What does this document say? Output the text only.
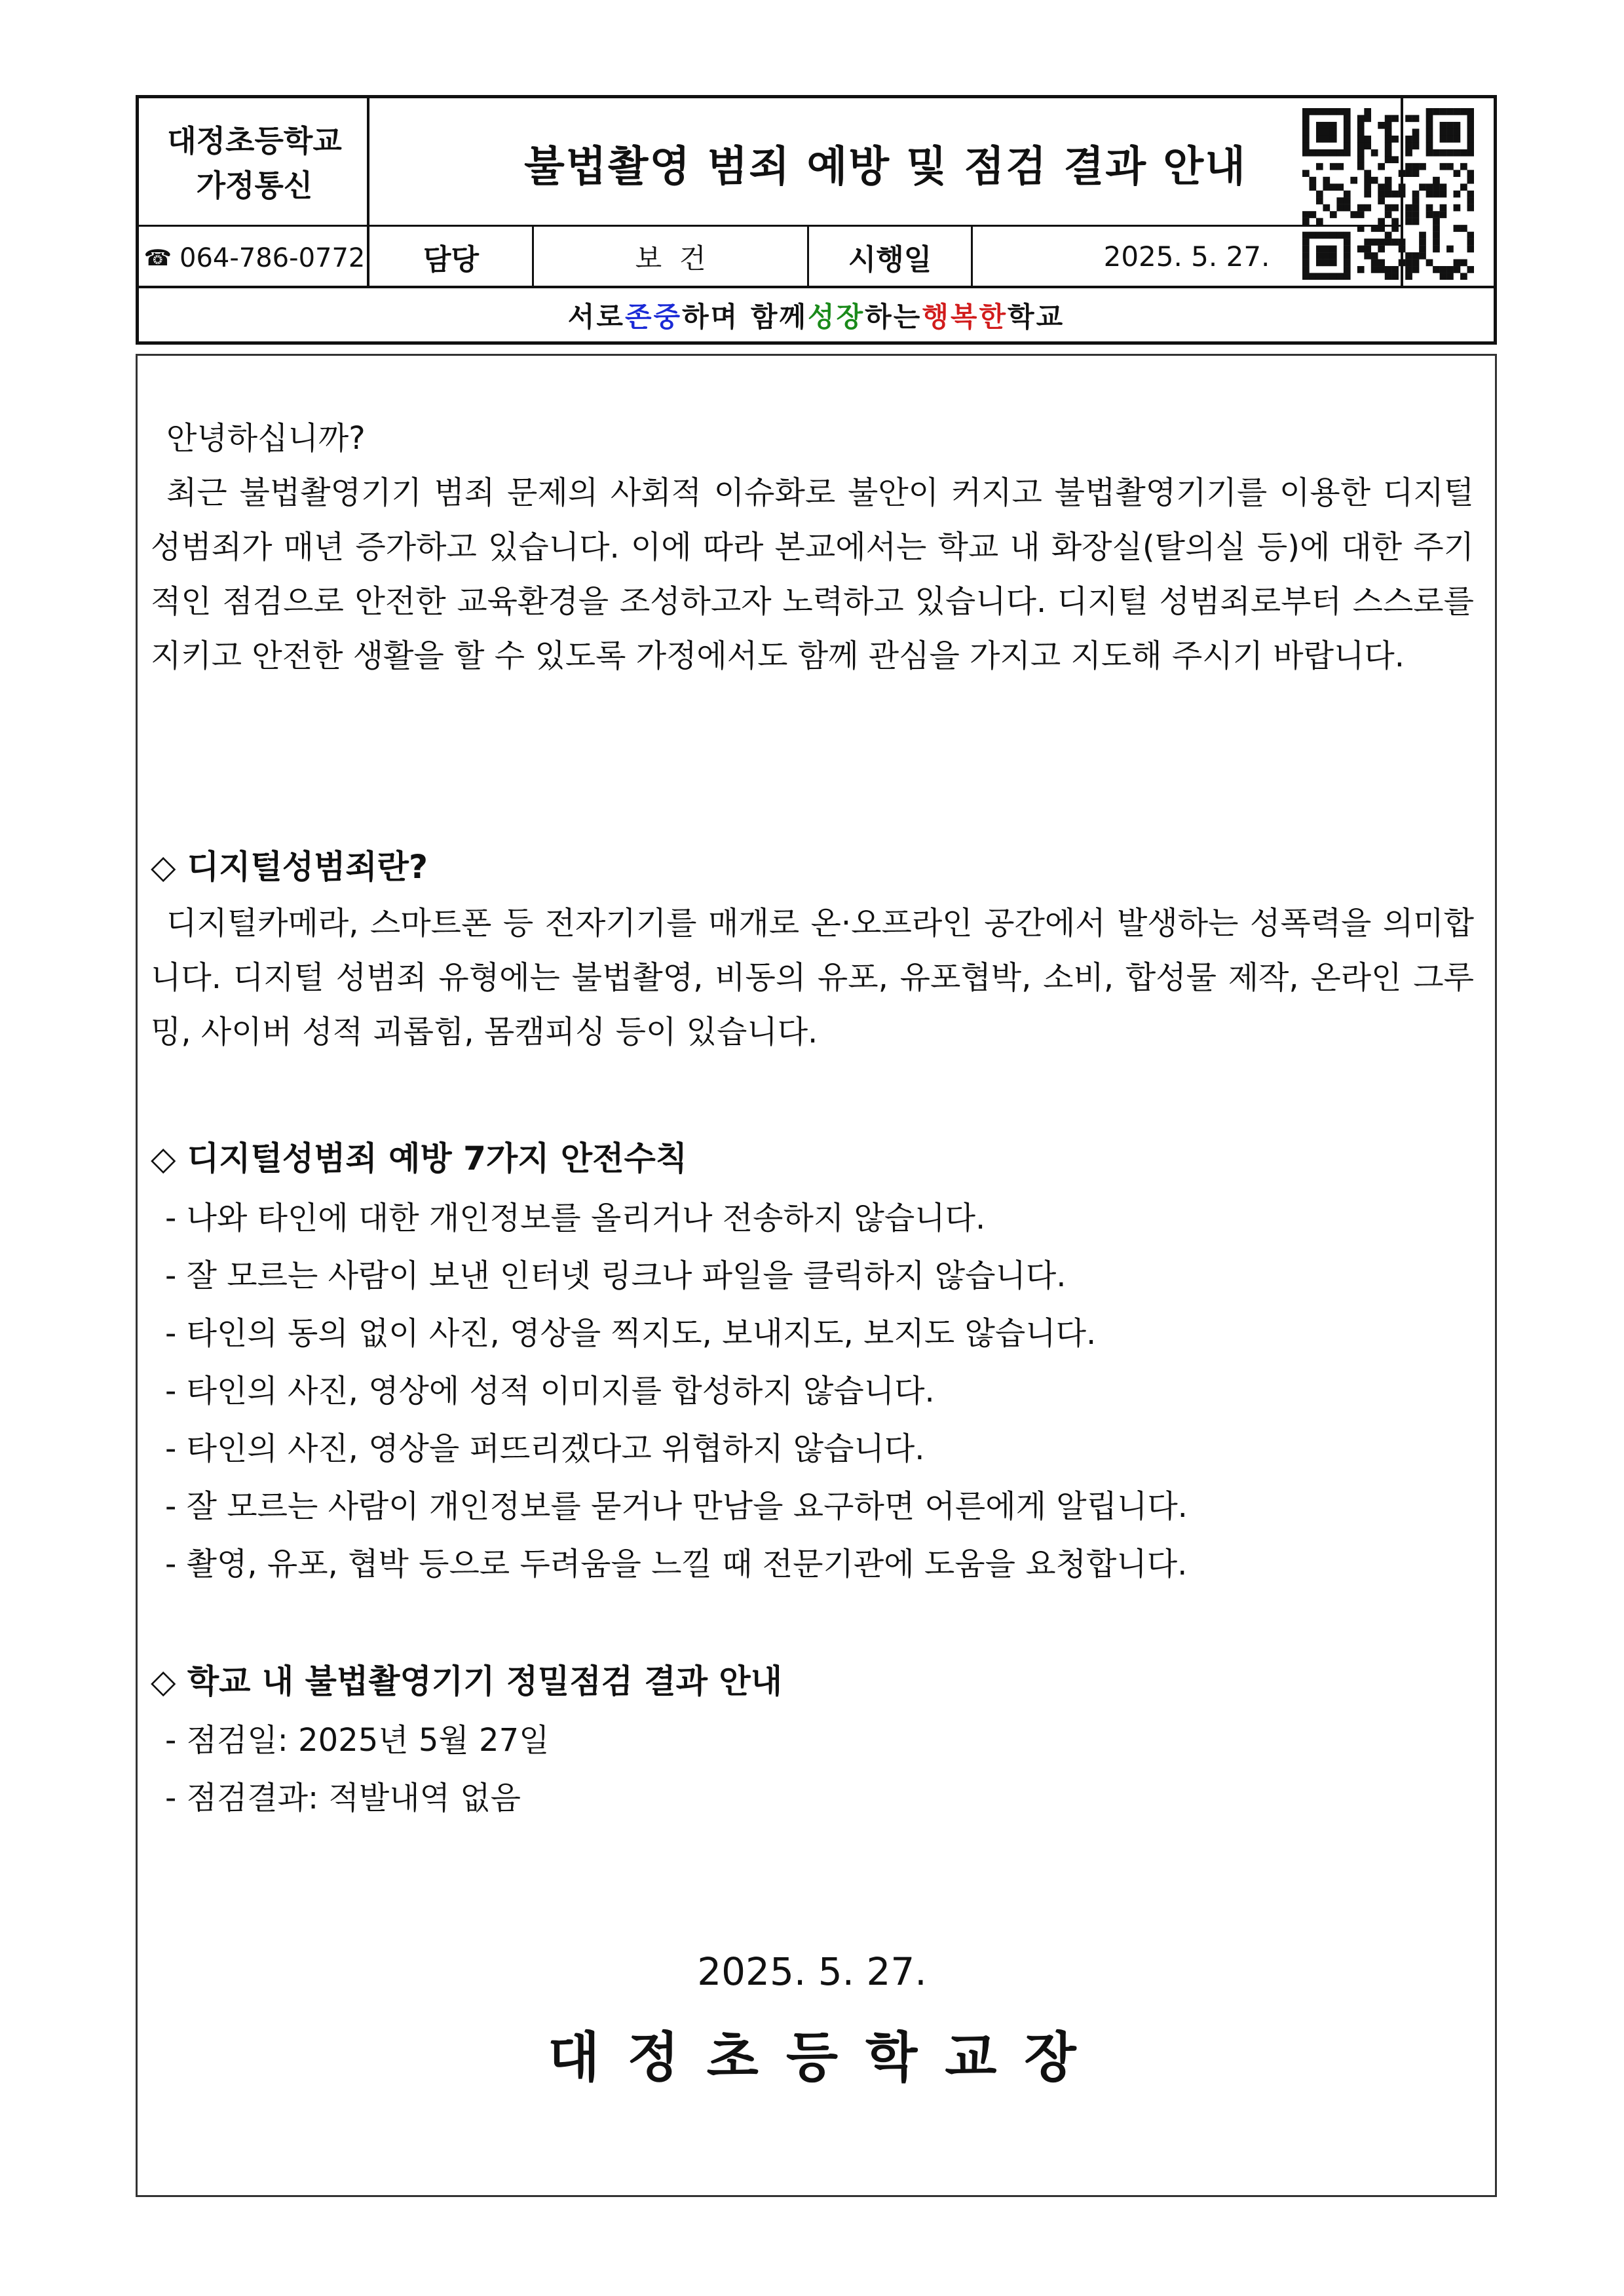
대정초등학교
가정통신	불법촬영 범죄 예방 및 점검 결과 안내
☎ 064-786-0772	담당	보  건	시행일	2025. 5. 27.
서로 존중 하며 함께 성장 하는 행복한 학교
안녕하십니까?
최근 불법촬영기기 범죄 문제의 사회적 이슈화로 불안이 커지고 불법촬영기기를 이용한 디지털 성범죄가 매년 증가하고 있습니다. 이에 따라 본교에서는 학교 내 화장실(탈의실 등)에 대한 주기적인 점검으로 안전한 교육환경을 조성하고자 노력하고 있습니다. 디지털 성범죄로부터 스스로를 지키고 안전한 생활을 할 수 있도록 가정에서도 함께 관심을 가지고 지도해 주시기 바랍니다.
◇ 디지털성범죄란?
디지털카메라, 스마트폰 등 전자기기를 매개로 온·오프라인 공간에서 발생하는 성폭력을 의미합니다. 디지털 성범죄 유형에는 불법촬영, 비동의 유포, 유포협박, 소비, 합성물 제작, 온라인 그루밍, 사이버 성적 괴롭힘, 몸캠피싱 등이 있습니다.
◇ 디지털성범죄 예방 7가지 안전수칙
- 나와 타인에 대한 개인정보를 올리거나 전송하지 않습니다.
- 잘 모르는 사람이 보낸 인터넷 링크나 파일을 클릭하지 않습니다.
- 타인의 동의 없이 사진, 영상을 찍지도, 보내지도, 보지도 않습니다.
- 타인의 사진, 영상에 성적 이미지를 합성하지 않습니다.
- 타인의 사진, 영상을 퍼뜨리겠다고 위협하지 않습니다.
- 잘 모르는 사람이 개인정보를 묻거나 만남을 요구하면 어른에게 알립니다.
- 촬영, 유포, 협박 등으로 두려움을 느낄 때 전문기관에 도움을 요청합니다.
◇ 학교 내 불법촬영기기 정밀점검 결과 안내
- 점검일: 2025년 5월 27일
- 점검결과: 적발내역 없음
2025. 5. 27.
대정초등학교장
